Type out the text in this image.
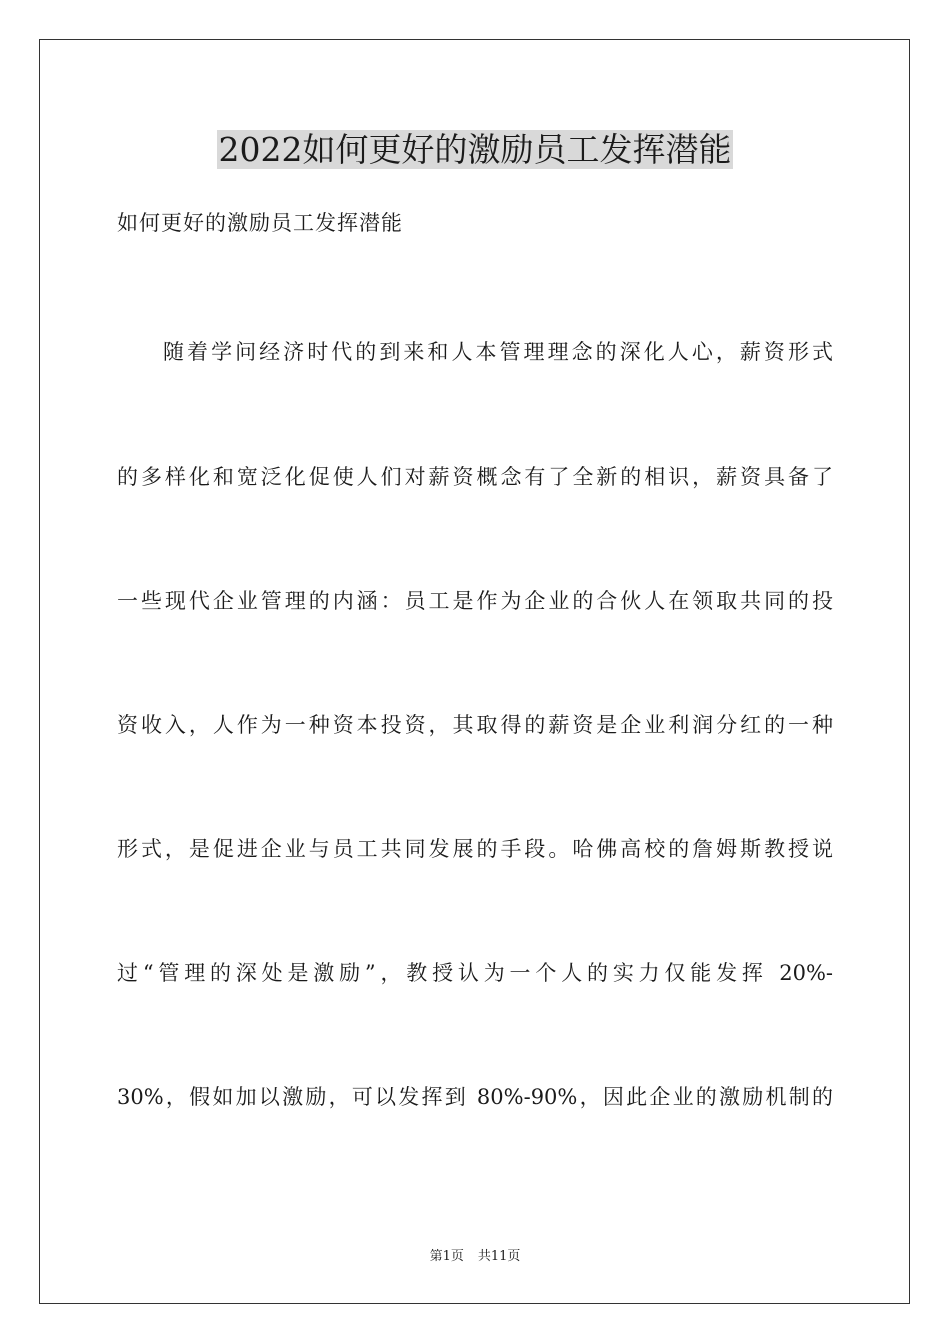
2022如何更好的激励员工发挥潜能
如何更好的激励员工发挥潜能
随着学问经济时代的到来和人本管理理念的深化人心，薪资形式
的多样化和宽泛化促使人们对薪资概念有了全新的相识，薪资具备了
一些现代企业管理的内涵：员工是作为企业的合伙人在领取共同的投
资收入，人作为一种资本投资，其取得的薪资是企业利润分红的一种
形式，是促进企业与员工共同发展的手段。哈佛高校的詹姆斯教授说
过“管理的深处是激励”，教授认为一个人的实力仅能发挥 20%-
30%，假如加以激励，可以发挥到 80%-90%，因此企业的激励机制的
第1页 共11页
